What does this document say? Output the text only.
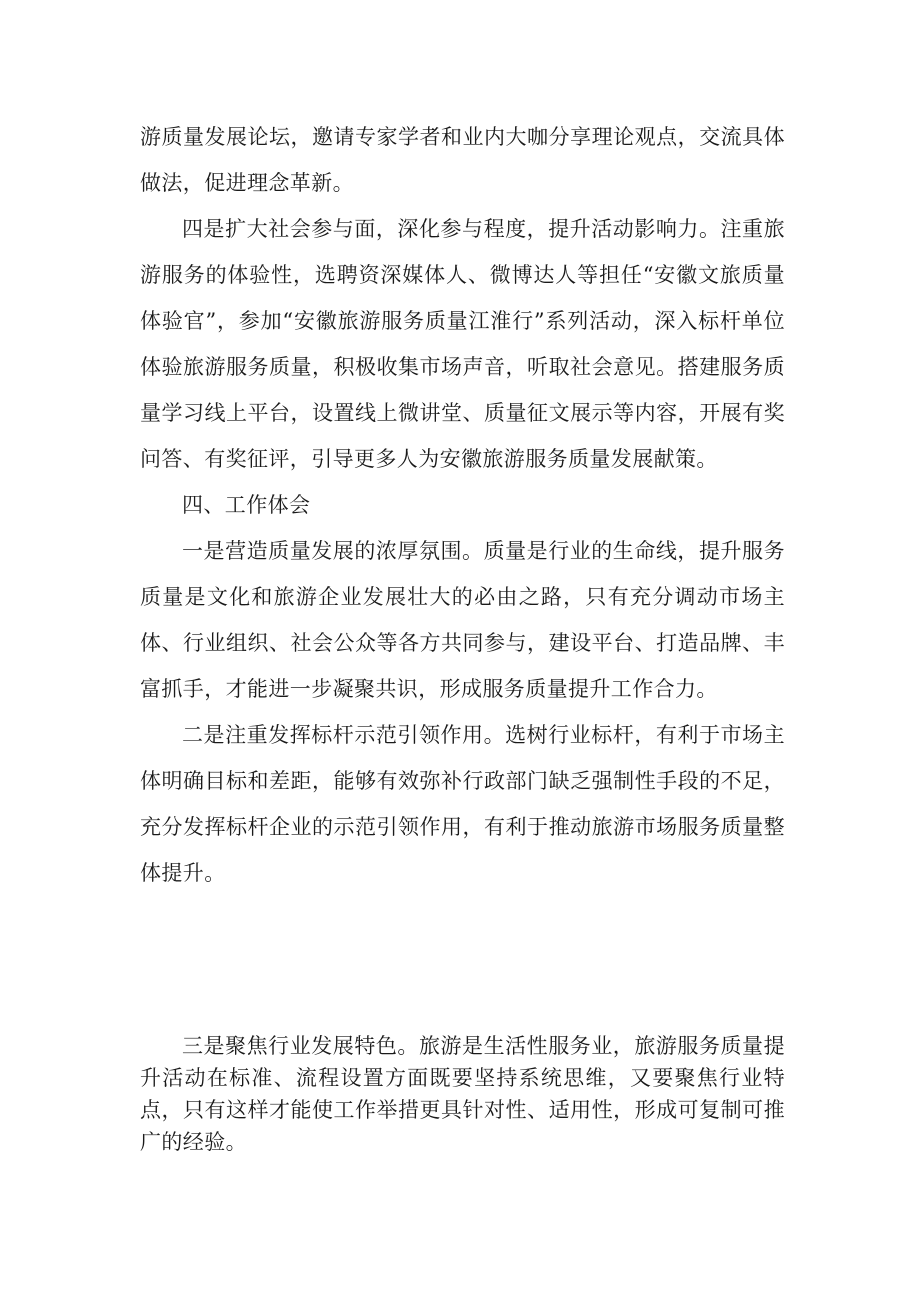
游质量发展论坛，邀请专家学者和业内大咖分享理论观点，交流具体做法，促进理念革新。

四是扩大社会参与面，深化参与程度，提升活动影响力。注重旅游服务的体验性，选聘资深媒体人、微博达人等担任“安徽文旅质量体验官”，参加“安徽旅游服务质量江淮行”系列活动，深入标杆单位体验旅游服务质量，积极收集市场声音，听取社会意见。搭建服务质量学习线上平台，设置线上微讲堂、质量征文展示等内容，开展有奖问答、有奖征评，引导更多人为安徽旅游服务质量发展献策。

四、工作体会

一是营造质量发展的浓厚氛围。质量是行业的生命线，提升服务质量是文化和旅游企业发展壮大的必由之路，只有充分调动市场主体、行业组织、社会公众等各方共同参与，建设平台、打造品牌、丰富抓手，才能进一步凝聚共识，形成服务质量提升工作合力。

二是注重发挥标杆示范引领作用。选树行业标杆，有利于市场主体明确目标和差距，能够有效弥补行政部门缺乏强制性手段的不足，充分发挥标杆企业的示范引领作用，有利于推动旅游市场服务质量整体提升。

三是聚焦行业发展特色。旅游是生活性服务业，旅游服务质量提升活动在标准、流程设置方面既要坚持系统思维，又要聚焦行业特点，只有这样才能使工作举措更具针对性、适用性，形成可复制可推广的经验。
